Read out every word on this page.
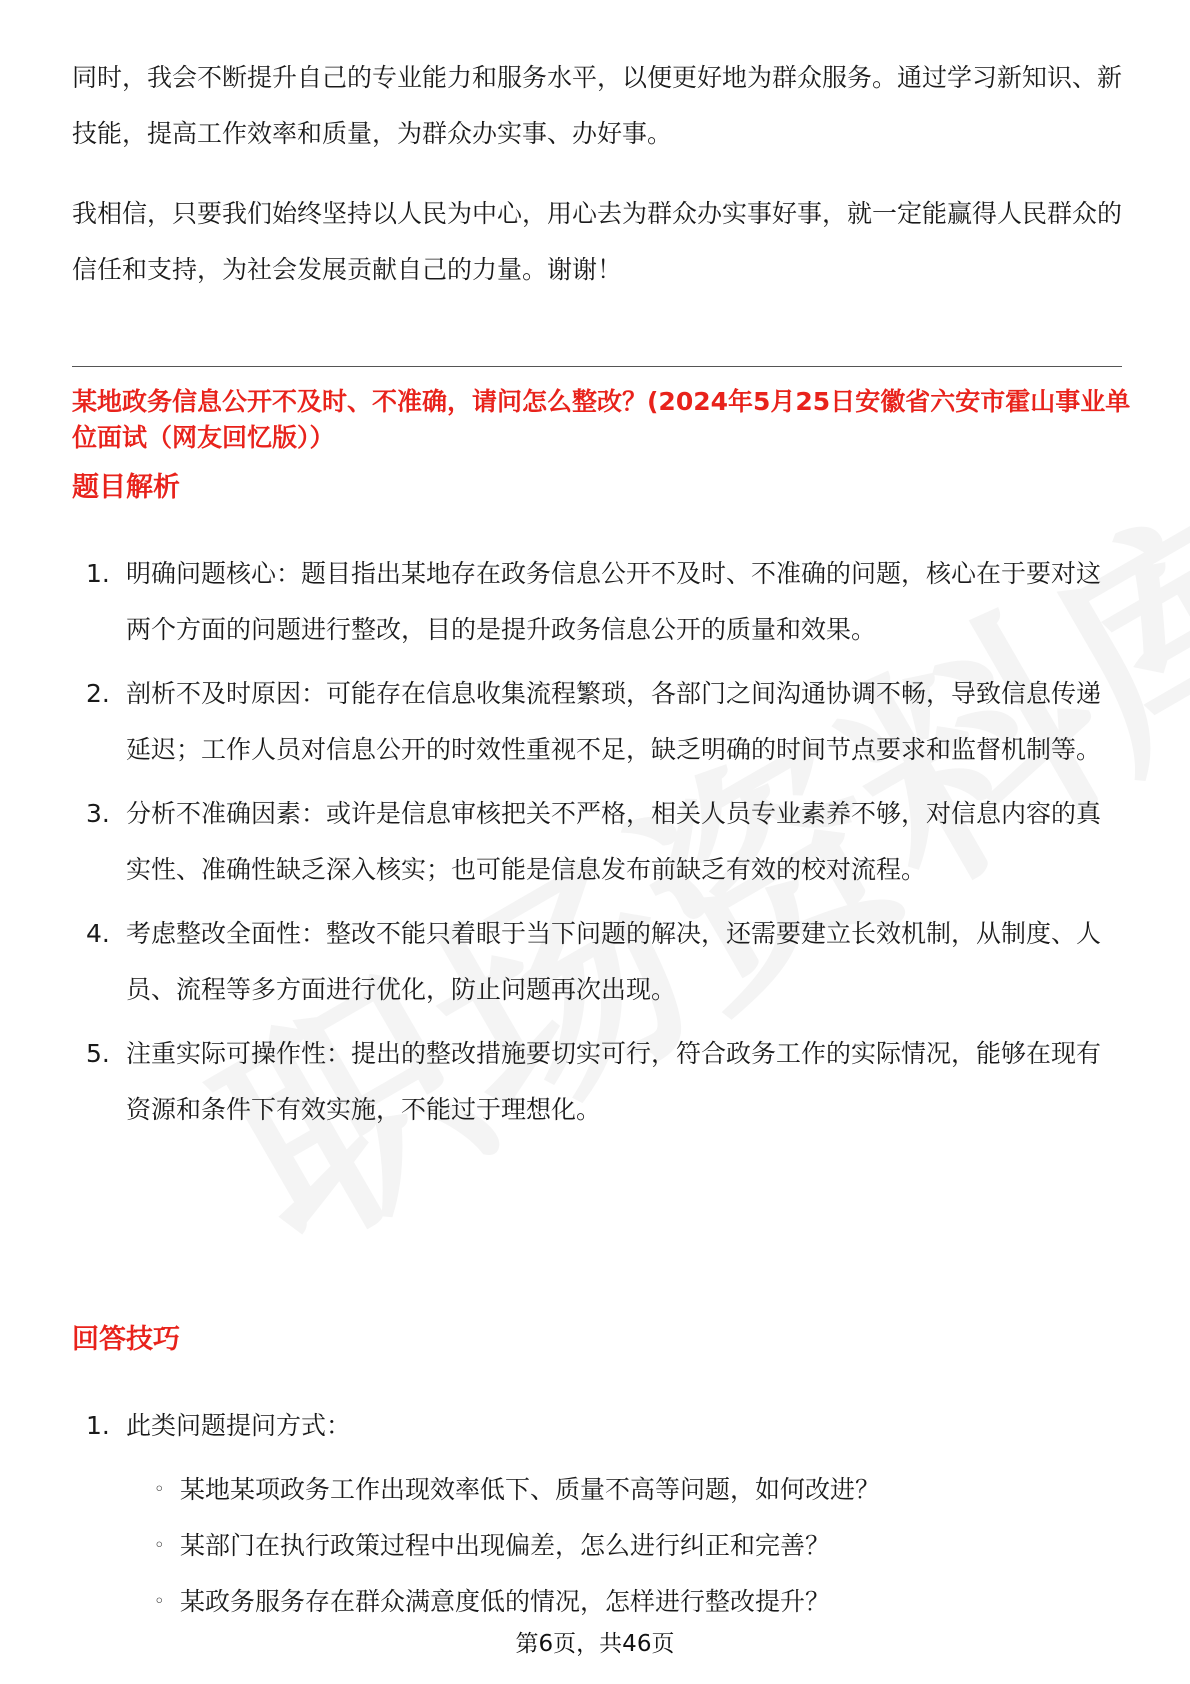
同时，我会不断提升自己的专业能力和服务水平，以便更好地为群众服务。通过学习新知识、新技能，提高工作效率和质量，为群众办实事、办好事。

我相信，只要我们始终坚持以人民为中心，用心去为群众办实事好事，就一定能赢得人民群众的信任和支持，为社会发展贡献自己的力量。谢谢！

某地政务信息公开不及时、不准确，请问怎么整改？(2024年5月25日安徽省六安市霍山事业单位面试（网友回忆版））
题目解析
1. 明确问题核心：题目指出某地存在政务信息公开不及时、不准确的问题，核心在于要对这两个方面的问题进行整改，目的是提升政务信息公开的质量和效果。
2. 剖析不及时原因：可能存在信息收集流程繁琐，各部门之间沟通协调不畅，导致信息传递延迟；工作人员对信息公开的时效性重视不足，缺乏明确的时间节点要求和监督机制等。
3. 分析不准确因素：或许是信息审核把关不严格，相关人员专业素养不够，对信息内容的真实性、准确性缺乏深入核实；也可能是信息发布前缺乏有效的校对流程。
4. 考虑整改全面性：整改不能只着眼于当下问题的解决，还需要建立长效机制，从制度、人员、流程等多方面进行优化，防止问题再次出现。
5. 注重实际可操作性：提出的整改措施要切实可行，符合政务工作的实际情况，能够在现有资源和条件下有效实施，不能过于理想化。
回答技巧
1. 此类问题提问方式：
◦ 某地某项政务工作出现效率低下、质量不高等问题，如何改进？
◦ 某部门在执行政策过程中出现偏差，怎么进行纠正和完善？
◦ 某政务服务存在群众满意度低的情况，怎样进行整改提升？
第6页，共46页
